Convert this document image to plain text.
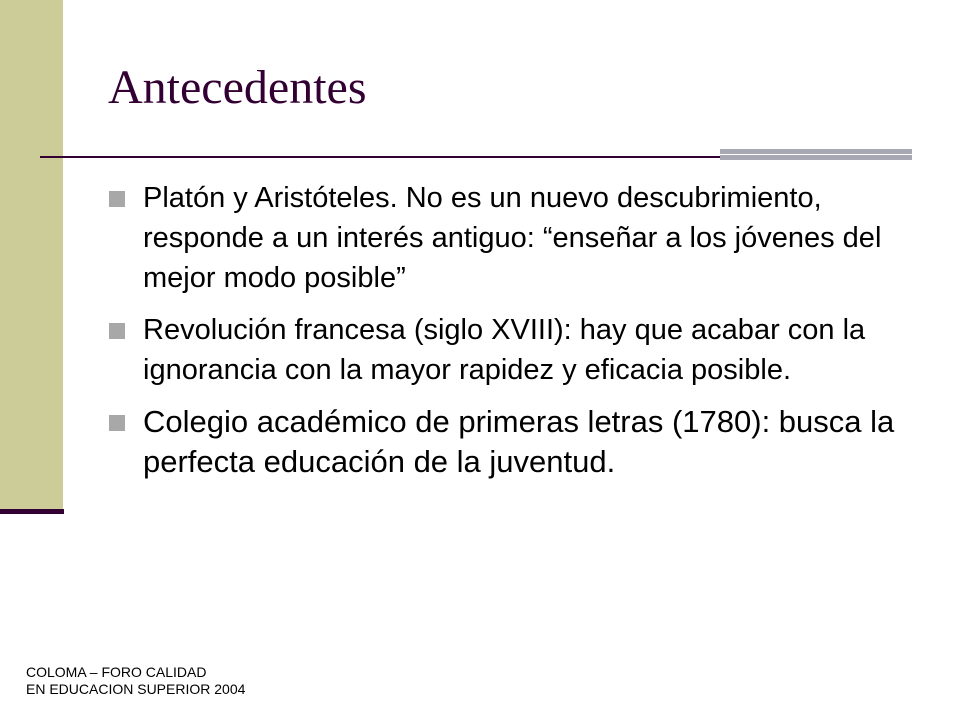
Antecedentes
Platón y Aristóteles. No es un nuevo descubrimiento, responde a un interés antiguo: “enseñar a los jóvenes del mejor modo posible”
Revolución francesa (siglo XVIII): hay que acabar con la ignorancia con la mayor rapidez y eficacia posible.
Colegio académico de primeras letras (1780): busca la perfecta educación de la juventud.
COLOMA – FORO CALIDAD
EN EDUCACION SUPERIOR 2004
